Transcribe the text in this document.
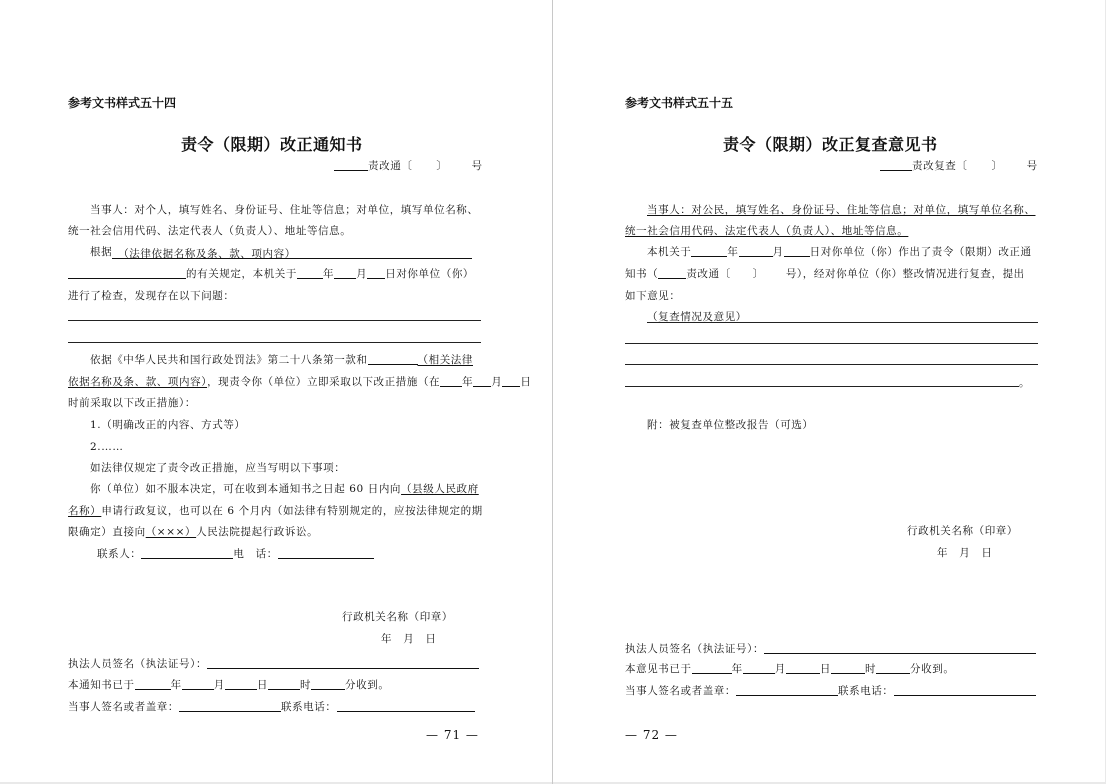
参考文书样式五十四
责令（限期）改正通知书
责改通〔 〕 号
当事人：对个人，填写姓名、身份证号、住址等信息；对单位，填写单位名称、
统一社会信用代码、法定代表人（负责人）、地址等信息。
根据 （法律依据名称及条、款、项内容）
的有关规定，本机关于 年 月 日对你单位（你）
进行了检查，发现存在以下问题：
依据《中华人民共和国行政处罚法》第二十八条第一款和	（相关法律
依据名称及条、款、项内容），现责令你（单位）立即采取以下改正措施（在 年 月 日
时前采取以下改正措施）：
1.（明确改正的内容、方式等）
2.……
如法律仅规定了责令改正措施，应当写明以下事项：
你（单位）如不服本决定，可在收到本通知书之日起 60 日内向（县级人民政府
名称）申请行政复议，也可以在 6 个月内（如法律有特别规定的，应按法律规定的期
限确定）直接向（×××）人民法院提起行政诉讼。
联系人：	电　话：
行政机关名称（印章）
年　月　日
执法人员签名（执法证号）：
本通知书已于	年	月	日	时	分收到。
当事人签名或者盖章：	联系电话：
— 71 —
参考文书样式五十五
责令（限期）改正复查意见书
责改复查〔 〕 号
当事人：对公民，填写姓名、身份证号、住址等信息；对单位，填写单位名称、
统一社会信用代码、法定代表人（负责人）、地址等信息。
本机关于	年	月 日对你单位（你）作出了责令（限期）改正通
知书（	责改通〔 〕 号），经对你单位（你）整改情况进行复查，提出
如下意见：
（复查情况及意见）
。
附：被复查单位整改报告（可选）
行政机关名称（印章）
年　月　日
执法人员签名（执法证号）：
本意见书已于	年	月	日	时	分收到。
当事人签名或者盖章：	联系电话：
— 72 —
